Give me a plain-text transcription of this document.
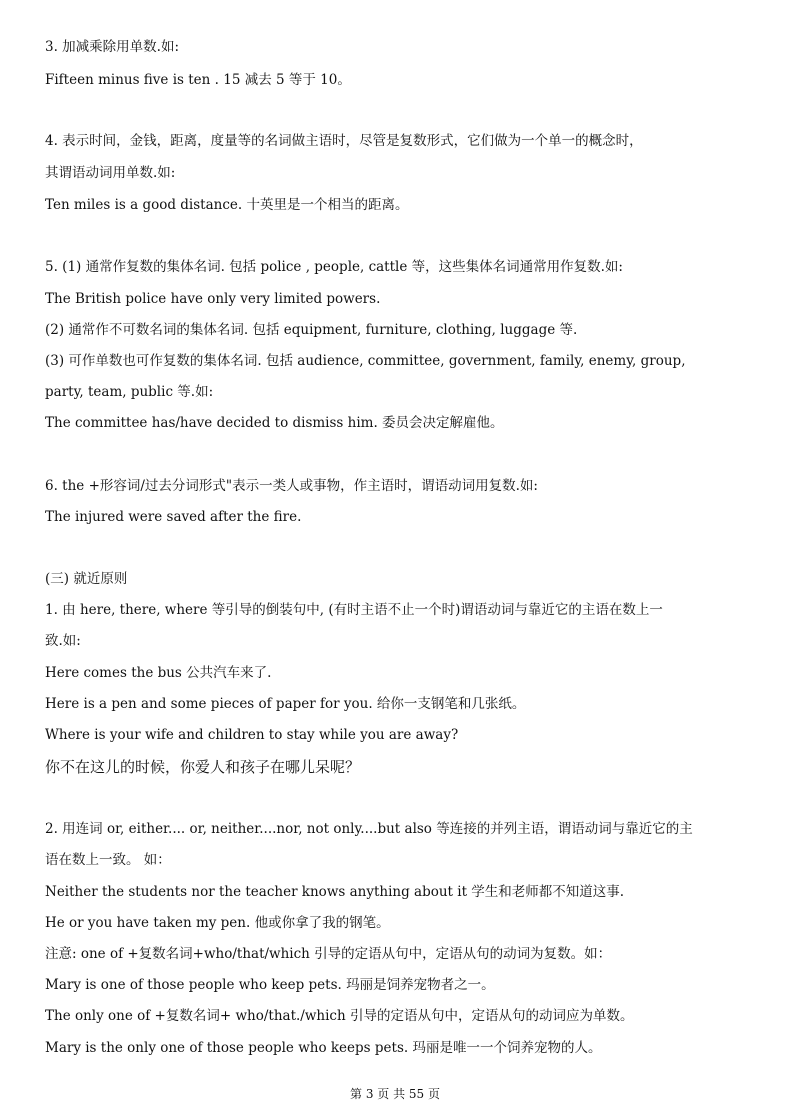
3. 加减乘除用单数.如:
Fifteen minus five is ten . 15 减去 5 等于 10。
4. 表示时间，金钱，距离，度量等的名词做主语时，尽管是复数形式，它们做为一个单一的概念时，
其谓语动词用单数.如:
Ten miles is a good distance. 十英里是一个相当的距离。
5. (1) 通常作复数的集体名词. 包括 police , people, cattle 等，这些集体名词通常用作复数.如:
The British police have only very limited powers.
(2) 通常作不可数名词的集体名词. 包括 equipment, furniture, clothing, luggage 等.
(3) 可作单数也可作复数的集体名词. 包括 audience, committee, government, family, enemy, group,
party, team, public 等.如:
The committee has/have decided to dismiss him. 委员会决定解雇他。
6. the +形容词/过去分词形式"表示一类人或事物，作主语时，谓语动词用复数.如:
The injured were saved after the fire.
(三) 就近原则
1. 由 here, there, where 等引导的倒装句中, (有时主语不止一个时)谓语动词与靠近它的主语在数上一
致.如:
Here comes the bus 公共汽车来了.
Here is a pen and some pieces of paper for you. 给你一支钢笔和几张纸。
Where is your wife and children to stay while you are away?
你不在这儿的时候，你爱人和孩子在哪儿呆呢？
2. 用连词 or, either.... or, neither....nor, not only....but also 等连接的并列主语，谓语动词与靠近它的主
语在数上一致。 如：
Neither the students nor the teacher knows anything about it 学生和老师都不知道这事.
He or you have taken my pen. 他或你拿了我的钢笔。
注意: one of +复数名词+who/that/which 引导的定语从句中，定语从句的动词为复数。如：
Mary is one of those people who keep pets. 玛丽是饲养宠物者之一。
The only one of +复数名词+ who/that./which 引导的定语从句中，定语从句的动词应为单数。
Mary is the only one of those people who keeps pets. 玛丽是唯一一个饲养宠物的人。
第 3 页 共 55 页
